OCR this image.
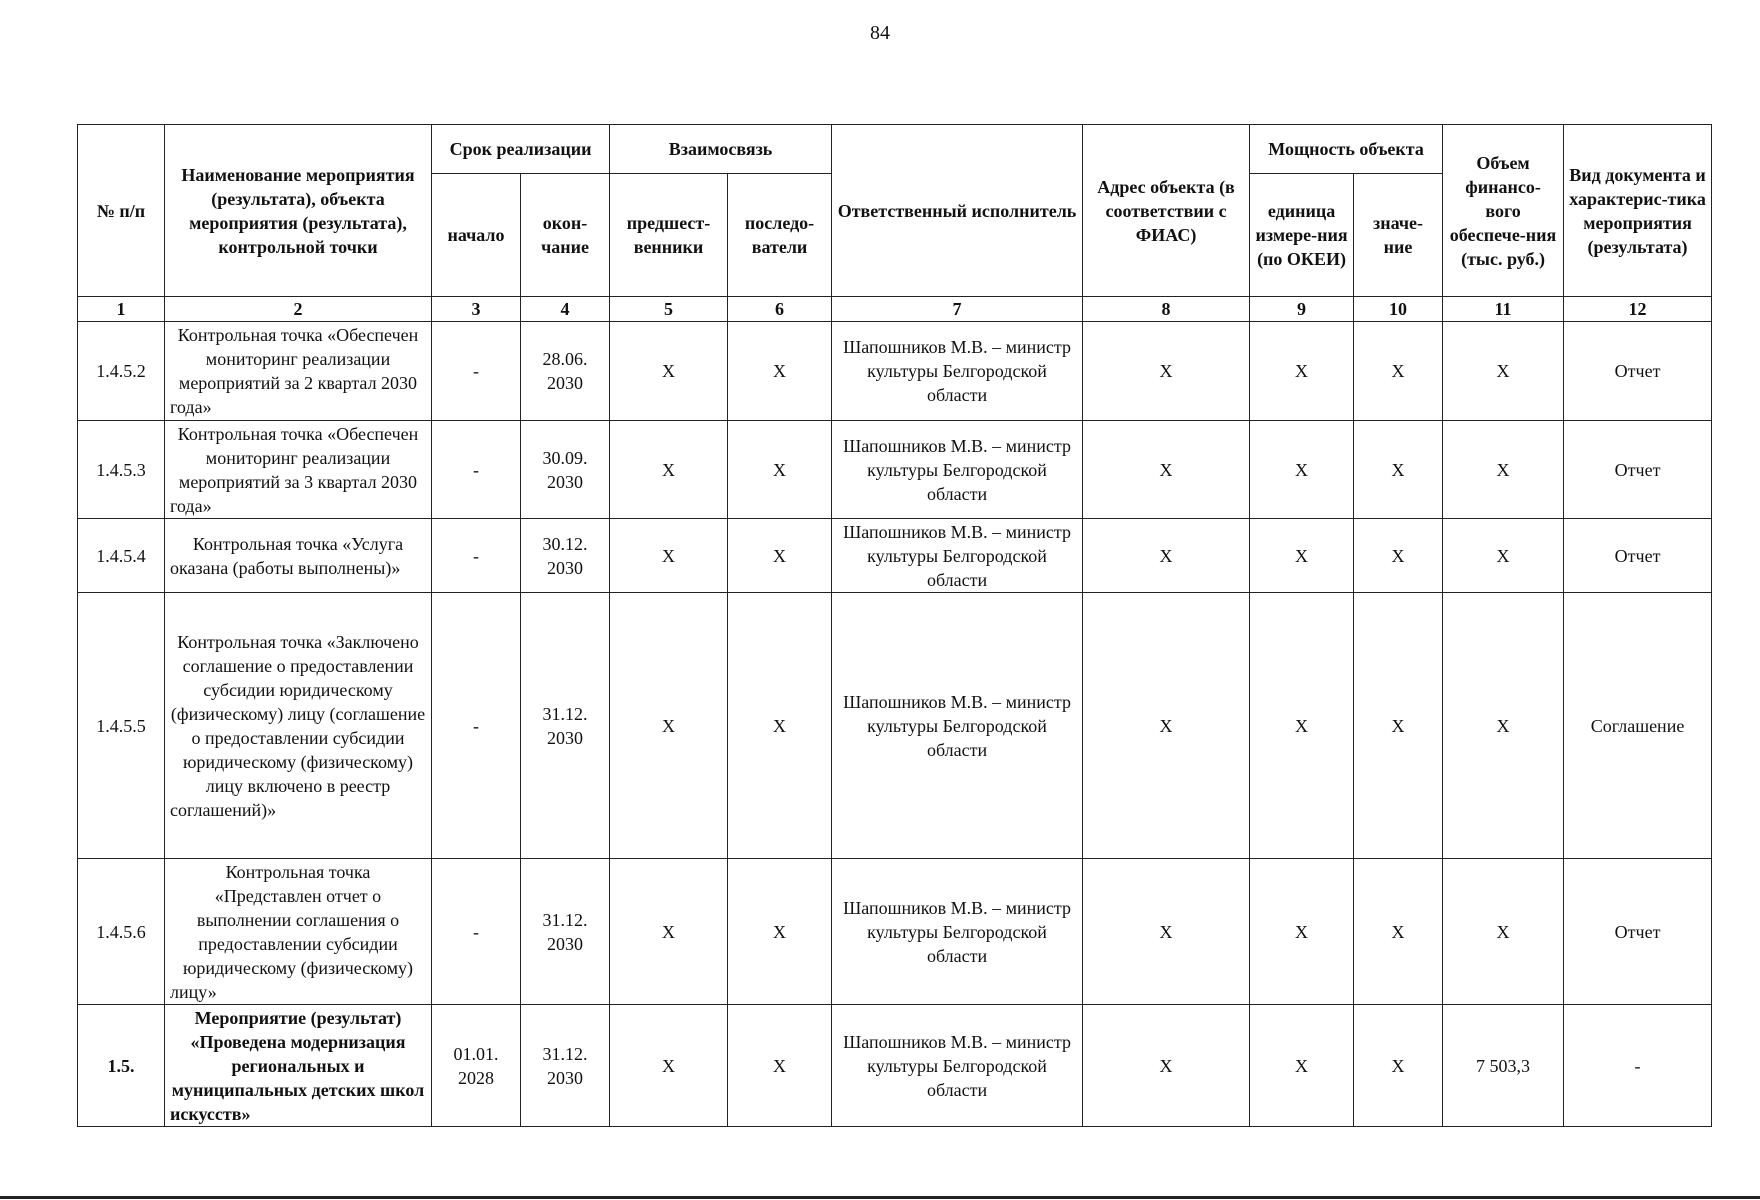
84
№ п/п	Наименование мероприятия (результата), объекта мероприятия (результата), контрольной точки	Срок реализации		Взаимосвязь		Ответственный исполнитель	Адрес объекта (в соответствии с ФИАС)	Мощность объекта		Объем финансо-вого обеспече-ния (тыс. руб.)	Вид документа и характерис-тика мероприятия (результата)
		начало	окон-чание	предшест-венники	последо-ватели			единица измере-ния (по ОКЕИ)	значе-ние		
1	2	3	4	5	6	7	8	9	10	11	12
1.4.5.2	Контрольная точка «Обеспечен мониторинг реализации мероприятий за 2 квартал 2030 года»	-	28.06. 2030	Х	Х	Шапошников М.В. – министр культуры Белгородской области	Х	Х	Х	Х	Отчет
1.4.5.3	Контрольная точка «Обеспечен мониторинг реализации мероприятий за 3 квартал 2030 года»	-	30.09. 2030	Х	Х	Шапошников М.В. – министр культуры Белгородской области	Х	Х	Х	Х	Отчет
1.4.5.4	Контрольная точка «Услуга оказана (работы выполнены)»	-	30.12. 2030	Х	Х	Шапошников М.В. – министр культуры Белгородской области	Х	Х	Х	Х	Отчет
1.4.5.5	Контрольная точка «Заключено соглашение о предоставлении субсидии юридическому (физическому) лицу (соглашение о предоставлении субсидии юридическому (физическому) лицу включено в реестр соглашений)»	-	31.12. 2030	Х	Х	Шапошников М.В. – министр культуры Белгородской области	Х	Х	Х	Х	Соглашение
1.4.5.6	Контрольная точка «Представлен отчет о выполнении соглашения о предоставлении субсидии юридическому (физическому) лицу»	-	31.12. 2030	Х	Х	Шапошников М.В. – министр культуры Белгородской области	Х	Х	Х	Х	Отчет
1.5.	Мероприятие (результат) «Проведена модернизация региональных и муниципальных детских школ искусств»	01.01. 2028	31.12. 2030	Х	Х	Шапошников М.В. – министр культуры Белгородской области	Х	Х	Х	7 503,3	-
